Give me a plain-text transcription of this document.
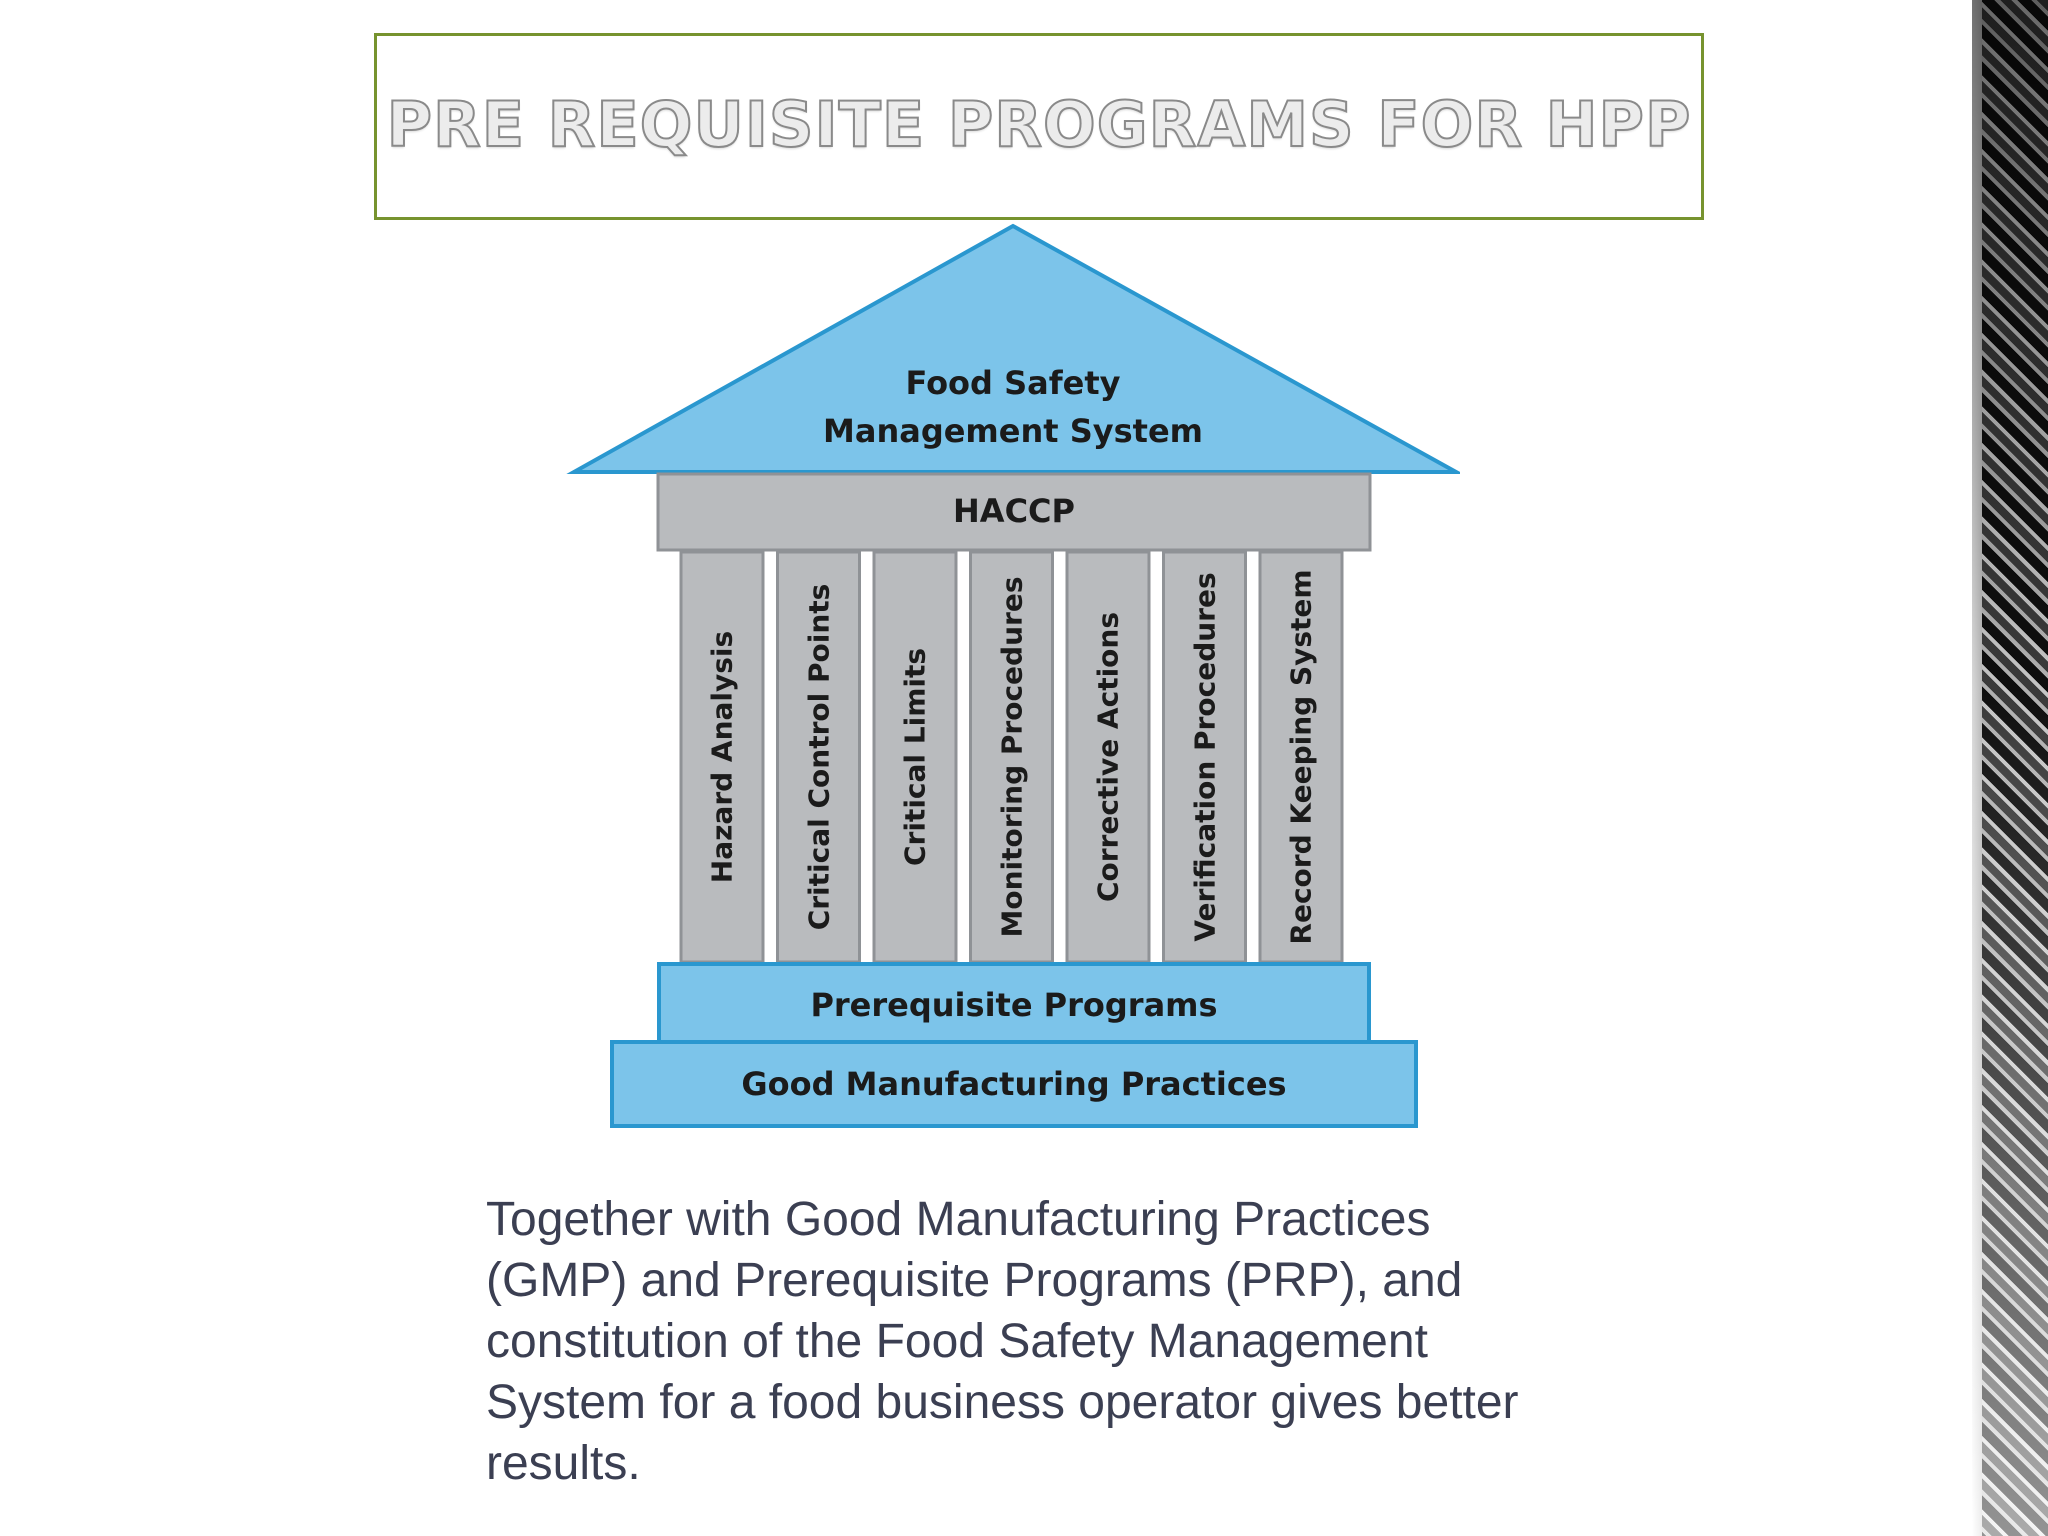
PRE REQUISITE PROGRAMS FOR HPP
Food Safety
Management System
HACCP
Hazard Analysis Critical Control Points Critical Limits Monitoring Procedures Corrective Actions Verification Procedures Record Keeping System
Prerequisite Programs
Good Manufacturing Practices
Together with Good Manufacturing Practices (GMP) and Prerequisite Programs (PRP), and constitution of the Food Safety Management System for a food business operator gives better results.
